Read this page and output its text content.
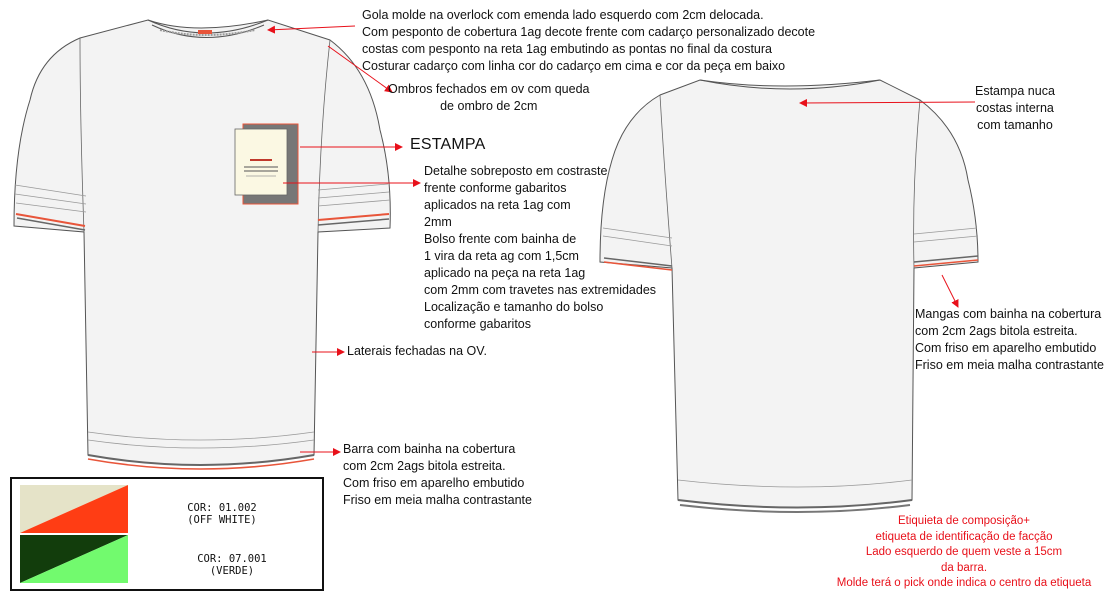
Gola molde na overlock com emenda lado esquerdo com 2cm delocada.
Com pesponto de cobertura 1ag decote frente com cadarço personalizado decote
costas com pesponto na reta 1ag embutindo as pontas no final da costura
Costurar cadarço com linha cor do cadarço em cima e cor da peça em baixo
Ombros fechados em ov com queda
de ombro de 2cm
ESTAMPA
Detalhe sobreposto em costraste
frente conforme gabaritos
aplicados na reta 1ag com
2mm
Bolso frente com bainha de
1 vira da reta ag com 1,5cm
aplicado na peça na reta 1ag
com 2mm com travetes nas extremidades
Localização e tamanho do bolso
conforme gabaritos
Laterais fechadas na OV.
Barra com bainha na cobertura
com 2cm 2ags bitola estreita.
Com friso em aparelho embutido
Friso em meia malha contrastante
Estampa nuca
costas interna
com tamanho
Mangas com bainha na cobertura
com 2cm 2ags bitola estreita.
Com friso em aparelho embutido
Friso em meia malha contrastante
Etiquieta de composição+
etiqueta de identificação de facção
Lado esquerdo de quem veste a 15cm
da barra.
Molde terá o pick onde indica o centro da etiqueta
COR: 01.002
(OFF WHITE)
COR: 07.001
(VERDE)
